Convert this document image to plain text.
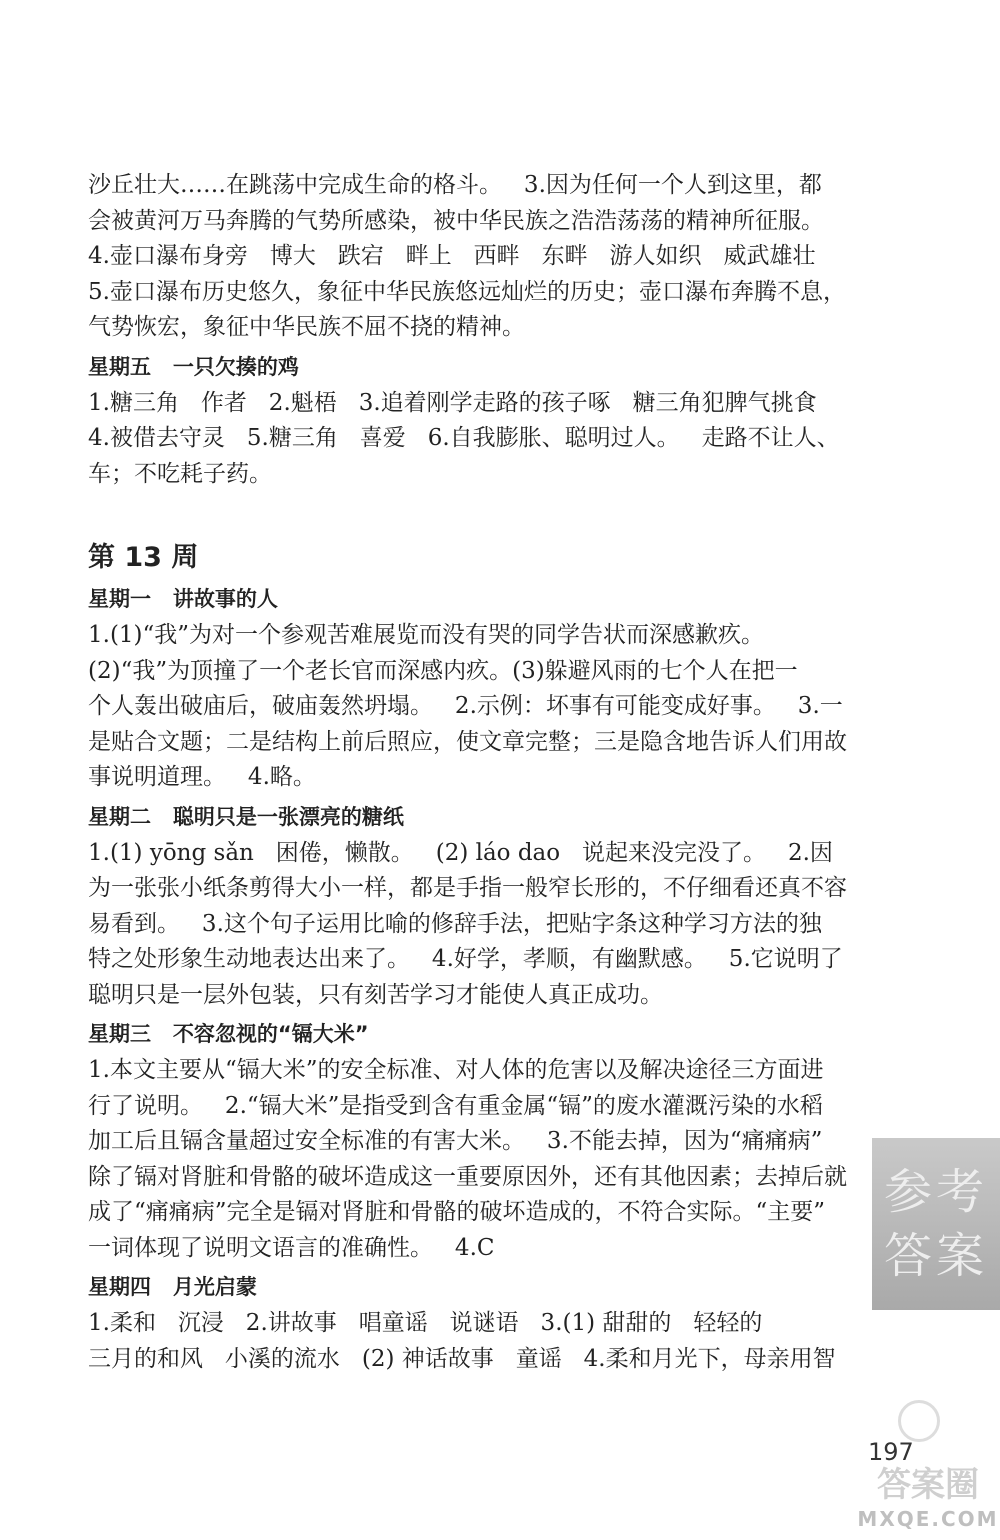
沙丘壮大……在跳荡中完成生命的格斗。   3.因为任何一个人到这里，都

会被黄河万马奔腾的气势所感染，被中华民族之浩浩荡荡的精神所征服。

4.壶口瀑布身旁   博大   跌宕   畔上   西畔   东畔   游人如织   威武雄壮

5.壶口瀑布历史悠久，象征中华民族悠远灿烂的历史；壶口瀑布奔腾不息，

气势恢宏，象征中华民族不屈不挠的精神。

星期五   一只欠揍的鸡

1.糖三角   作者   2.魁梧   3.追着刚学走路的孩子啄   糖三角犯脾气挑食

4.被借去守灵   5.糖三角   喜爱   6.自我膨胀、聪明过人。   走路不让人、

车；不吃耗子药。

第 13 周
星期一   讲故事的人

1.(1)“我”为对一个参观苦难展览而没有哭的同学告状而深感歉疚。

(2)“我”为顶撞了一个老长官而深感内疚。(3)躲避风雨的七个人在把一

个人轰出破庙后，破庙轰然坍塌。   2.示例：坏事有可能变成好事。   3.一

是贴合文题；二是结构上前后照应，使文章完整；三是隐含地告诉人们用故

事说明道理。   4.略。

星期二   聪明只是一张漂亮的糖纸

1.(1) yōng sǎn   困倦，懒散。   (2) láo dao   说起来没完没了。   2.因

为一张张小纸条剪得大小一样，都是手指一般窄长形的，不仔细看还真不容

易看到。   3.这个句子运用比喻的修辞手法，把贴字条这种学习方法的独

特之处形象生动地表达出来了。   4.好学，孝顺，有幽默感。   5.它说明了

聪明只是一层外包装，只有刻苦学习才能使人真正成功。

星期三   不容忽视的“镉大米”

1.本文主要从“镉大米”的安全标准、对人体的危害以及解决途径三方面进

行了说明。   2.“镉大米”是指受到含有重金属“镉”的废水灌溉污染的水稻

加工后且镉含量超过安全标准的有害大米。   3.不能去掉，因为“痛痛病”

除了镉对肾脏和骨骼的破坏造成这一重要原因外，还有其他因素；去掉后就

成了“痛痛病”完全是镉对肾脏和骨骼的破坏造成的，不符合实际。“主要”

一词体现了说明文语言的准确性。   4.C

星期四   月光启蒙

1.柔和   沉浸   2.讲故事   唱童谣   说谜语   3.(1) 甜甜的   轻轻的

三月的和风   小溪的流水   (2) 神话故事   童谣   4.柔和月光下，母亲用智

参考
答案
197
答案圈
MXQE.COM
